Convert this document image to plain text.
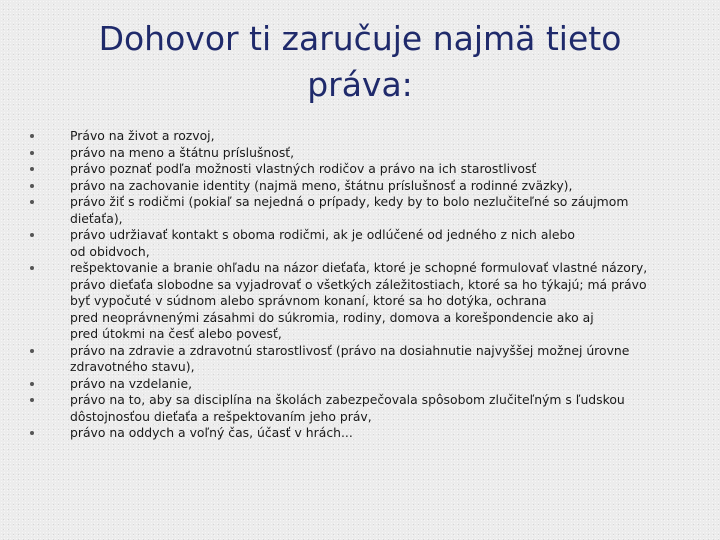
Dohovor ti zaručuje najmä tieto
práva:
Právo na život a rozvoj,
právo na meno a štátnu príslušnosť,
právo poznať podľa možnosti vlastných rodičov a právo na ich starostlivosť
právo na zachovanie identity (najmä meno, štátnu príslušnosť a rodinné zväzky),
právo žiť s rodičmi (pokiaľ sa nejedná o prípady, kedy by to bolo nezlučiteľné so záujmom
dieťaťa),
právo udržiavať kontakt s oboma rodičmi, ak je odlúčené od jedného z nich alebo
od obidvoch,
rešpektovanie a branie ohľadu na názor dieťaťa, ktoré je schopné formulovať vlastné názory,
právo dieťaťa slobodne sa vyjadrovať o všetkých záležitostiach, ktoré sa ho týkajú; má právo
byť vypočuté v súdnom alebo správnom konaní, ktoré sa ho dotýka, ochrana
pred neoprávnenými zásahmi do súkromia, rodiny, domova a korešpondencie ako aj
pred útokmi na česť alebo povesť,
právo na zdravie a zdravotnú starostlivosť (právo na dosiahnutie najvyššej možnej úrovne
zdravotného stavu),
právo na vzdelanie,
právo na to, aby sa disciplína na školách zabezpečovala spôsobom zlučiteľným s ľudskou
dôstojnosťou dieťaťa a rešpektovaním jeho práv,
právo na oddych a voľný čas, účasť v hrách...
